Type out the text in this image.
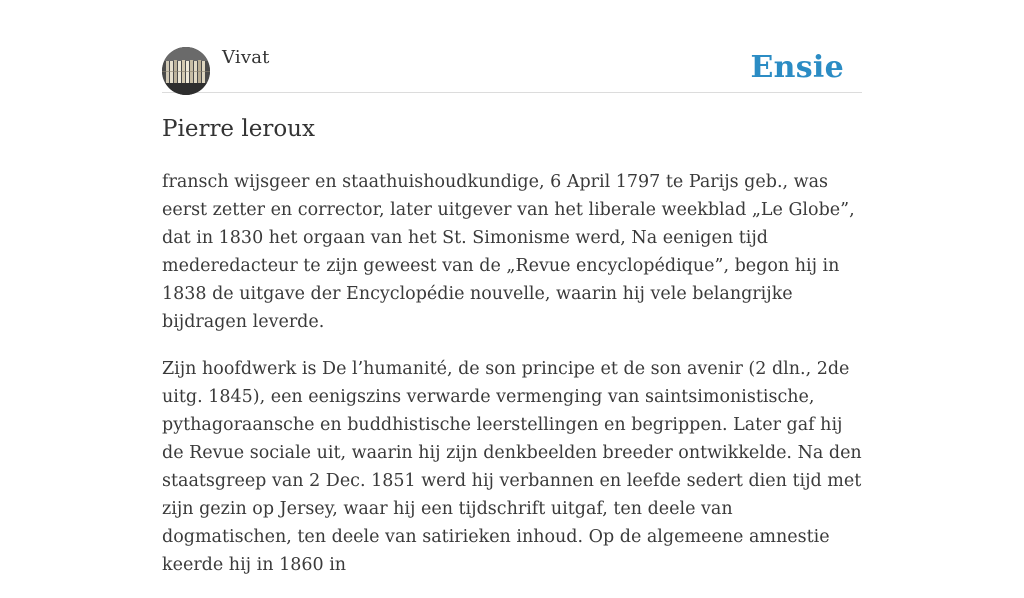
Vivat	Ensie
Pierre leroux

fransch wijsgeer en staathuishoudkundige, 6 April 1797 te Parijs geb., was eerst zetter en corrector, later uitgever van het liberale weekblad „Le Globe”, dat in 1830 het orgaan van het St. Simonisme werd, Na eenigen tijd mederedacteur te zijn geweest van de „Revue encyclopédique”, begon hij in 1838 de uitgave der Encyclopédie nouvelle, waarin hij vele belangrijke bijdragen leverde.

Zijn hoofdwerk is De l’humanité, de son principe et de son avenir (2 dln., 2de uitg. 1845), een eenigszins verwarde vermenging van saintsimonistische, pythagoraansche en buddhistische leerstellingen en begrippen. Later gaf hij de Revue sociale uit, waarin hij zijn denkbeelden breeder ontwikkelde. Na den staatsgreep van 2 Dec. 1851 werd hij verbannen en leefde sedert dien tijd met zijn gezin op Jersey, waar hij een tijdschrift uitgaf, ten deele van dogmatischen, ten deele van satirieken inhoud. Op de algemeene amnestie keerde hij in 1860 in
